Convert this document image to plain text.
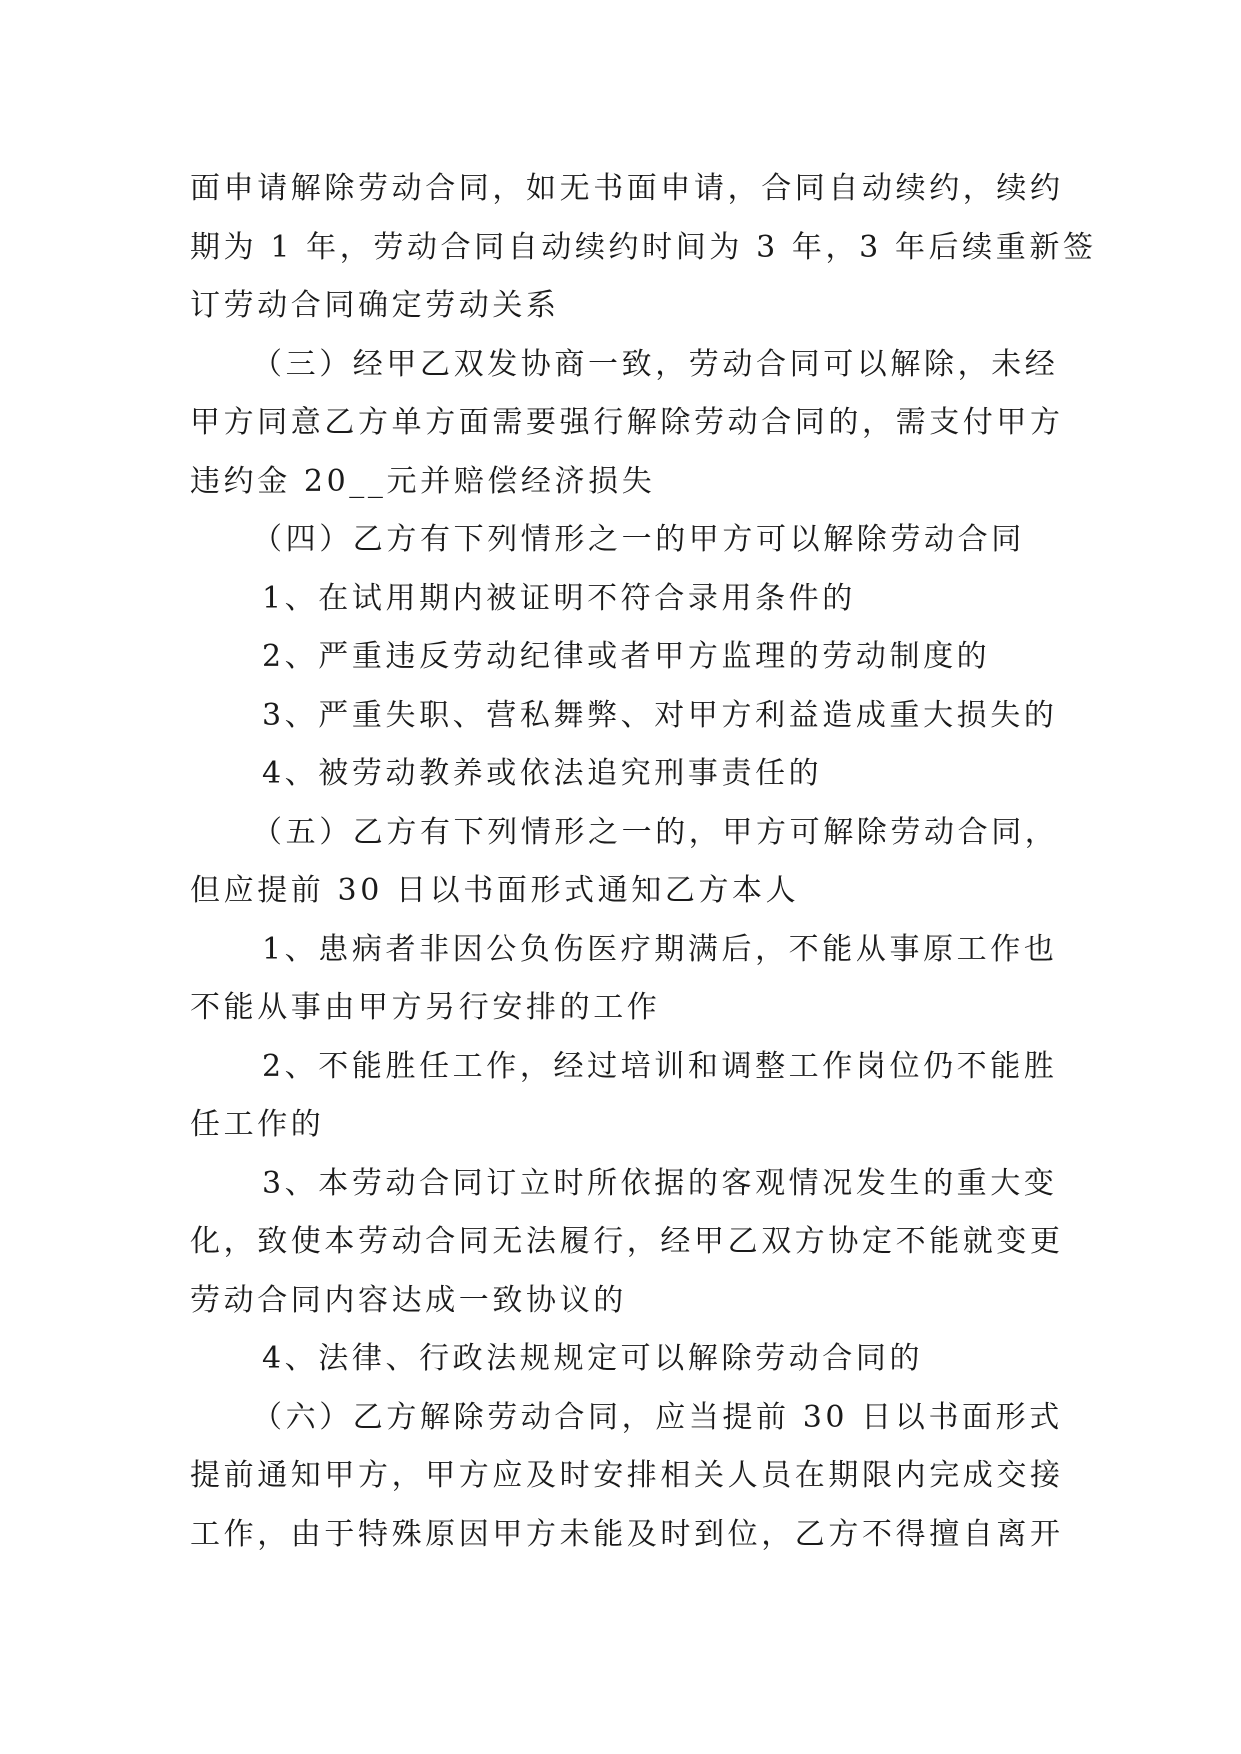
面申请解除劳动合同，如无书面申请，合同自动续约，续约
期为 1 年，劳动合同自动续约时间为 3 年，3 年后续重新签
订劳动合同确定劳动关系
（三）经甲乙双发协商一致，劳动合同可以解除，未经
甲方同意乙方单方面需要强行解除劳动合同的，需支付甲方
违约金 20__元并赔偿经济损失
（四）乙方有下列情形之一的甲方可以解除劳动合同
1、在试用期内被证明不符合录用条件的
2、严重违反劳动纪律或者甲方监理的劳动制度的
3、严重失职、营私舞弊、对甲方利益造成重大损失的
4、被劳动教养或依法追究刑事责任的
（五）乙方有下列情形之一的，甲方可解除劳动合同，
但应提前 30 日以书面形式通知乙方本人
1、患病者非因公负伤医疗期满后，不能从事原工作也
不能从事由甲方另行安排的工作
2、不能胜任工作，经过培训和调整工作岗位仍不能胜
任工作的
3、本劳动合同订立时所依据的客观情况发生的重大变
化，致使本劳动合同无法履行，经甲乙双方协定不能就变更
劳动合同内容达成一致协议的
4、法律、行政法规规定可以解除劳动合同的
（六）乙方解除劳动合同，应当提前 30 日以书面形式
提前通知甲方，甲方应及时安排相关人员在期限内完成交接
工作，由于特殊原因甲方未能及时到位，乙方不得擅自离开
